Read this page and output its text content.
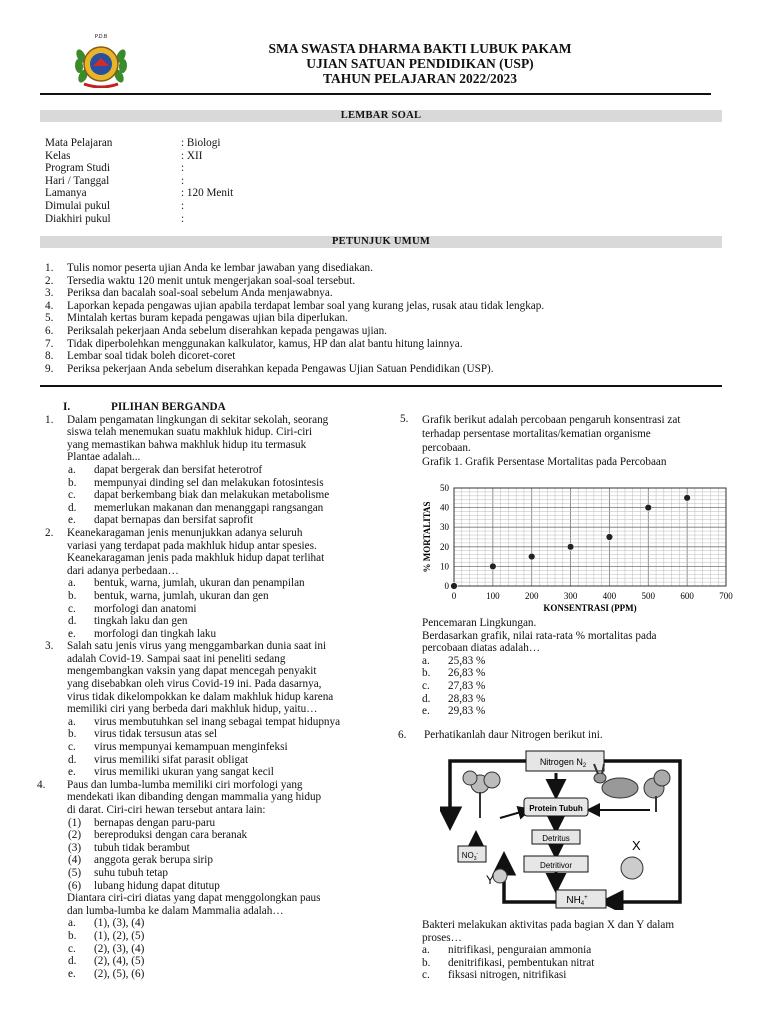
P.D.B
SMA SWASTA DHARMA BAKTI LUBUK PAKAM
UJIAN SATUAN PENDIDIKAN (USP)
TAHUN PELAJARAN 2022/2023
LEMBAR SOAL
Mata Pelajaran	: Biologi
Kelas	: XII
Program Studi	:
Hari / Tanggal	:
Lamanya	: 120 Menit
Dimulai pukul	:
Diakhiri pukul	:
PETUNJUK UMUM
1.	Tulis nomor peserta ujian Anda ke lembar jawaban yang disediakan.
2.	Tersedia waktu 120 menit untuk mengerjakan soal-soal tersebut.
3.	Periksa dan bacalah soal-soal sebelum Anda menjawabnya.
4.	Laporkan kepada pengawas ujian apabila terdapat lembar soal yang kurang jelas, rusak atau tidak lengkap.
5.	Mintalah kertas buram kepada pengawas ujian bila diperlukan.
6.	Periksalah pekerjaan Anda sebelum diserahkan kepada pengawas ujian.
7.	Tidak diperbolehkan menggunakan kalkulator, kamus, HP dan alat bantu hitung lainnya.
8.	Lembar soal tidak boleh dicoret-coret
9.	Periksa pekerjaan Anda sebelum diserahkan kepada Pengawas Ujian Satuan Pendidikan (USP).
I.	PILIHAN BERGANDA
1.	Dalam pengamatan lingkungan di sekitar sekolah, seorang
siswa telah menemukan suatu makhluk hidup. Ciri-ciri
yang memastikan bahwa makhluk hidup itu termasuk
Plantae adalah...
a.	dapat bergerak dan bersifat heterotrof
b.	mempunyai dinding sel dan melakukan fotosintesis
c.	dapat berkembang biak dan melakukan metabolisme
d.	memerlukan makanan dan menanggapi rangsangan
e.	dapat bernapas dan bersifat saprofit
2.	Keanekaragaman jenis menunjukkan adanya seluruh
variasi yang terdapat pada makhluk hidup antar spesies.
Keanekaragaman jenis pada makhluk hidup dapat terlihat
dari adanya perbedaan…
a.	bentuk, warna, jumlah, ukuran dan penampilan
b.	bentuk, warna, jumlah, ukuran dan gen
c.	morfologi dan anatomi
d.	tingkah laku dan gen
e.	morfologi dan tingkah laku
3.	Salah satu jenis virus yang menggambarkan dunia saat ini
adalah Covid-19. Sampai saat ini peneliti sedang
mengembangkan vaksin yang dapat mencegah penyakit
yang disebabkan oleh virus Covid-19 ini. Pada dasarnya,
virus tidak dikelompokkan ke dalam makhluk hidup karena
memiliki ciri yang berbeda dari makhluk hidup, yaitu…
a.	virus membutuhkan sel inang sebagai tempat hidupnya
b.	virus tidak tersusun atas sel
c.	virus mempunyai kemampuan menginfeksi
d.	virus memiliki sifat parasit obligat
e.	virus memiliki ukuran yang sangat kecil
4.	Paus dan lumba-lumba memiliki ciri morfologi yang
mendekati ikan dibanding dengan mammalia yang hidup
di darat. Ciri-ciri hewan tersebut antara lain:
(1)	bernapas dengan paru-paru
(2)	bereproduksi dengan cara beranak
(3)	tubuh tidak berambut
(4)	anggota gerak berupa sirip
(5)	suhu tubuh tetap
(6)	lubang hidung dapat ditutup
Diantara ciri-ciri diatas yang dapat menggolongkan paus
dan lumba-lumba ke dalam Mammalia adalah…
a.	(1), (3), (4)
b.	(1), (2), (5)
c.	(2), (3), (4)
d.	(2), (4), (5)
e.	(2), (5), (6)
5.	Grafik berikut adalah percobaan pengaruh konsentrasi zat
terhadap persentase mortalitas/kematian organisme
percobaan.
Grafik 1. Grafik Persentase Mortalitas pada Percobaan
0	100	200	300	400	500	600	700
0
10
20
30
40
50
KONSENTRASI (PPM)
% MORTALITAS
Pencemaran Lingkungan.
Berdasarkan grafik, nilai rata-rata % mortalitas pada
percobaan diatas adalah…
a.	25,83 %
b.	26,83 %
c.	27,83 %
d.	28,83 %
e.	29,83 %
6.	Perhatikanlah daur Nitrogen berikut ini.
Nitrogen $N_2$
Protein Tubuh
Detritus
Detritivor
$NH_4^+$
$NO_3^-$
X
Y
Bakteri melakukan aktivitas pada bagian X dan Y dalam
proses…
a.	nitrifikasi, penguraian ammonia
b.	denitrifikasi, pembentukan nitrat
c.	fiksasi nitrogen, nitrifikasi
